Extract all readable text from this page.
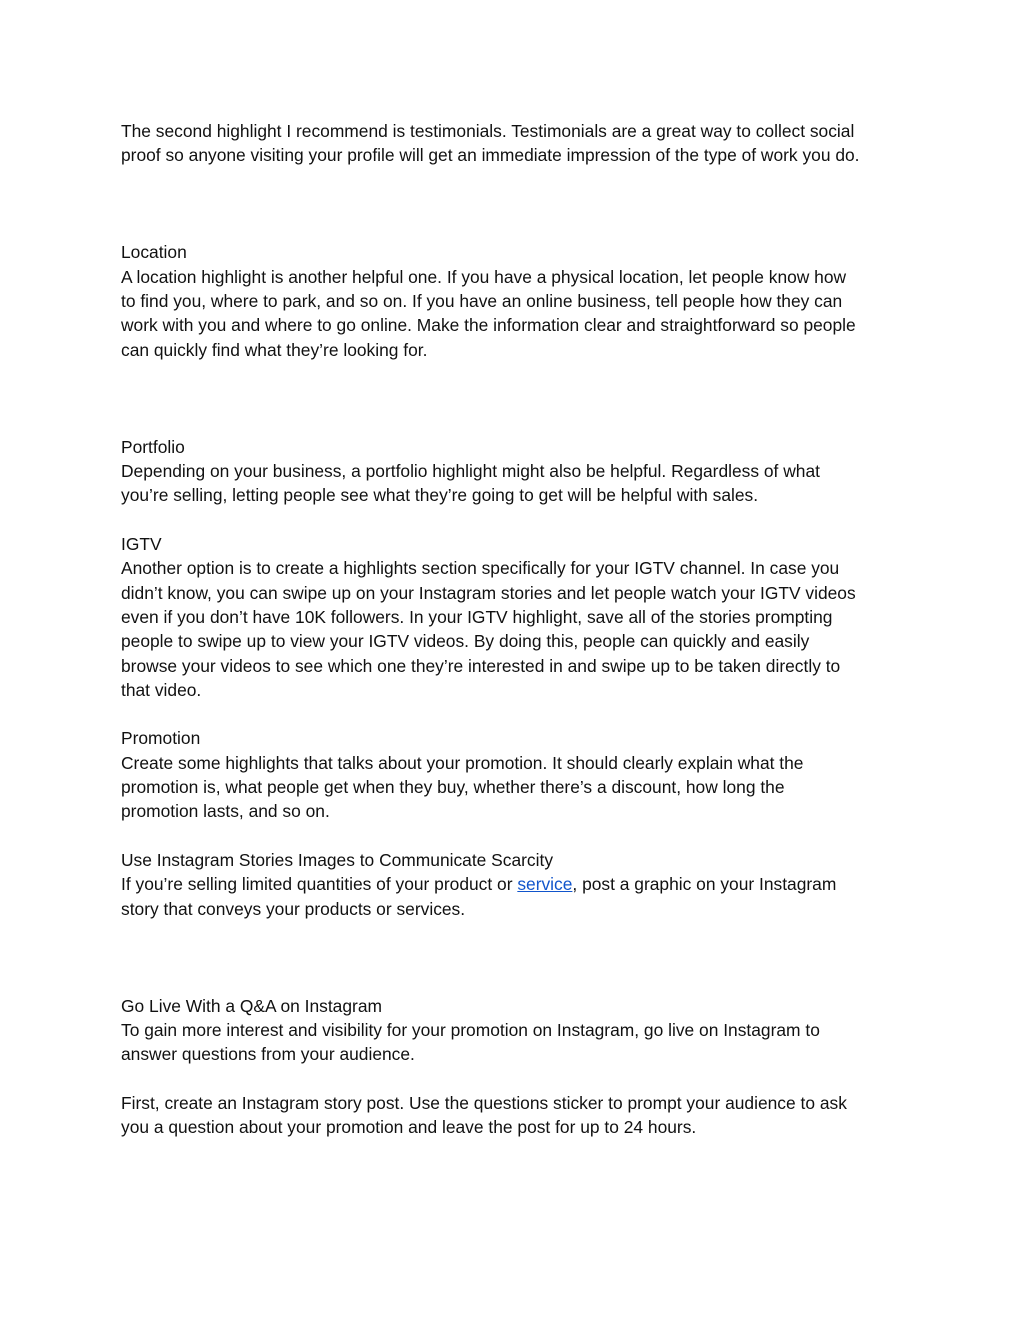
The second highlight I recommend is testimonials. Testimonials are a great way to collect social
proof so anyone visiting your profile will get an immediate impression of the type of work you do.
Location
A location highlight is another helpful one. If you have a physical location, let people know how
to find you, where to park, and so on. If you have an online business, tell people how they can
work with you and where to go online. Make the information clear and straightforward so people
can quickly find what they’re looking for.
Portfolio
Depending on your business, a portfolio highlight might also be helpful. Regardless of what
you’re selling, letting people see what they’re going to get will be helpful with sales.
IGTV
Another option is to create a highlights section specifically for your IGTV channel. In case you
didn’t know, you can swipe up on your Instagram stories and let people watch your IGTV videos
even if you don’t have 10K followers. In your IGTV highlight, save all of the stories prompting
people to swipe up to view your IGTV videos. By doing this, people can quickly and easily
browse your videos to see which one they’re interested in and swipe up to be taken directly to
that video.
Promotion
Create some highlights that talks about your promotion. It should clearly explain what the
promotion is, what people get when they buy, whether there’s a discount, how long the
promotion lasts, and so on.
Use Instagram Stories Images to Communicate Scarcity
If you’re selling limited quantities of your product or service, post a graphic on your Instagram
story that conveys your products or services.
Go Live With a Q&A on Instagram
To gain more interest and visibility for your promotion on Instagram, go live on Instagram to
answer questions from your audience.
First, create an Instagram story post. Use the questions sticker to prompt your audience to ask
you a question about your promotion and leave the post for up to 24 hours.
